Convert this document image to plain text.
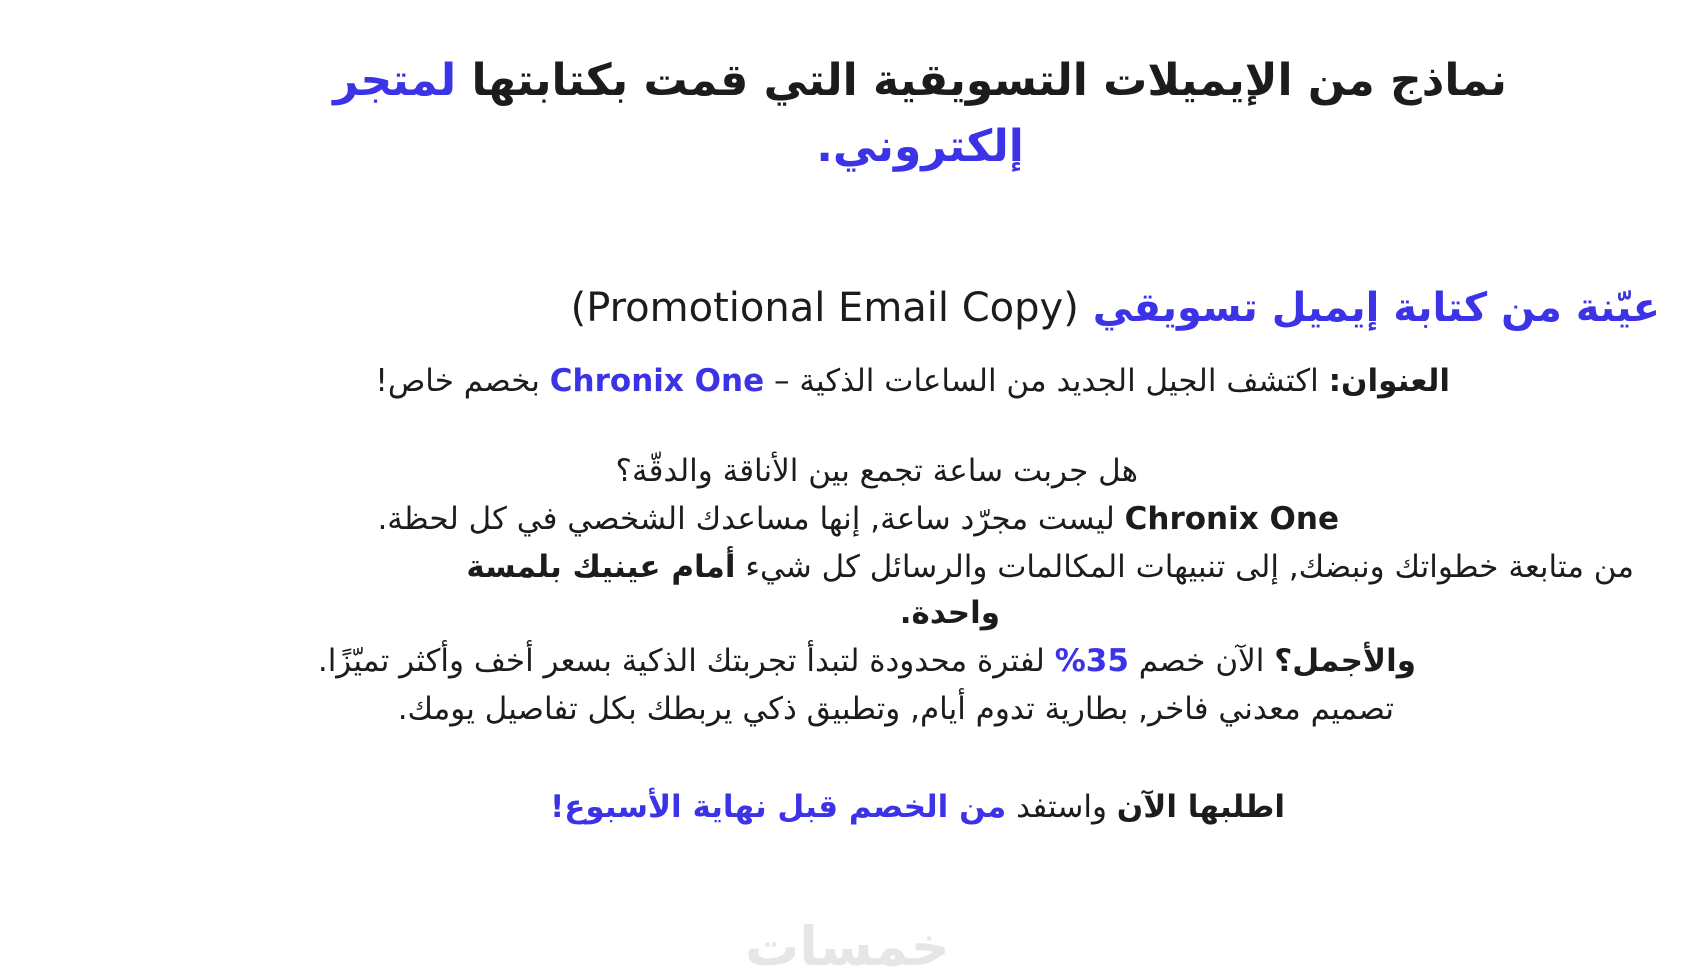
نماذج من الإيميلات التسويقية التي قمت بكتابتها لمتجر إلكتروني.
عيّنة من كتابة إيميل تسويقي (Promotional Email Copy)

العنوان: اكتشف الجيل الجديد من الساعات الذكية – Chronix One بخصم خاص!

هل جربت ساعة تجمع بين الأناقة والدقّة؟

Chronix One ليست مجرّد ساعة, إنها مساعدك الشخصي في كل لحظة.

من متابعة خطواتك ونبضك, إلى تنبيهات المكالمات والرسائل كل شيء أمام عينيك بلمسة

واحدة.

والأجمل؟ الآن خصم 35% لفترة محدودة لتبدأ تجربتك الذكية بسعر أخف وأكثر تميّزًا.

تصميم معدني فاخر, بطارية تدوم أيام, وتطبيق ذكي يربطك بكل تفاصيل يومك.

اطلبها الآن واستفد من الخصم قبل نهاية الأسبوع!

خمسات
